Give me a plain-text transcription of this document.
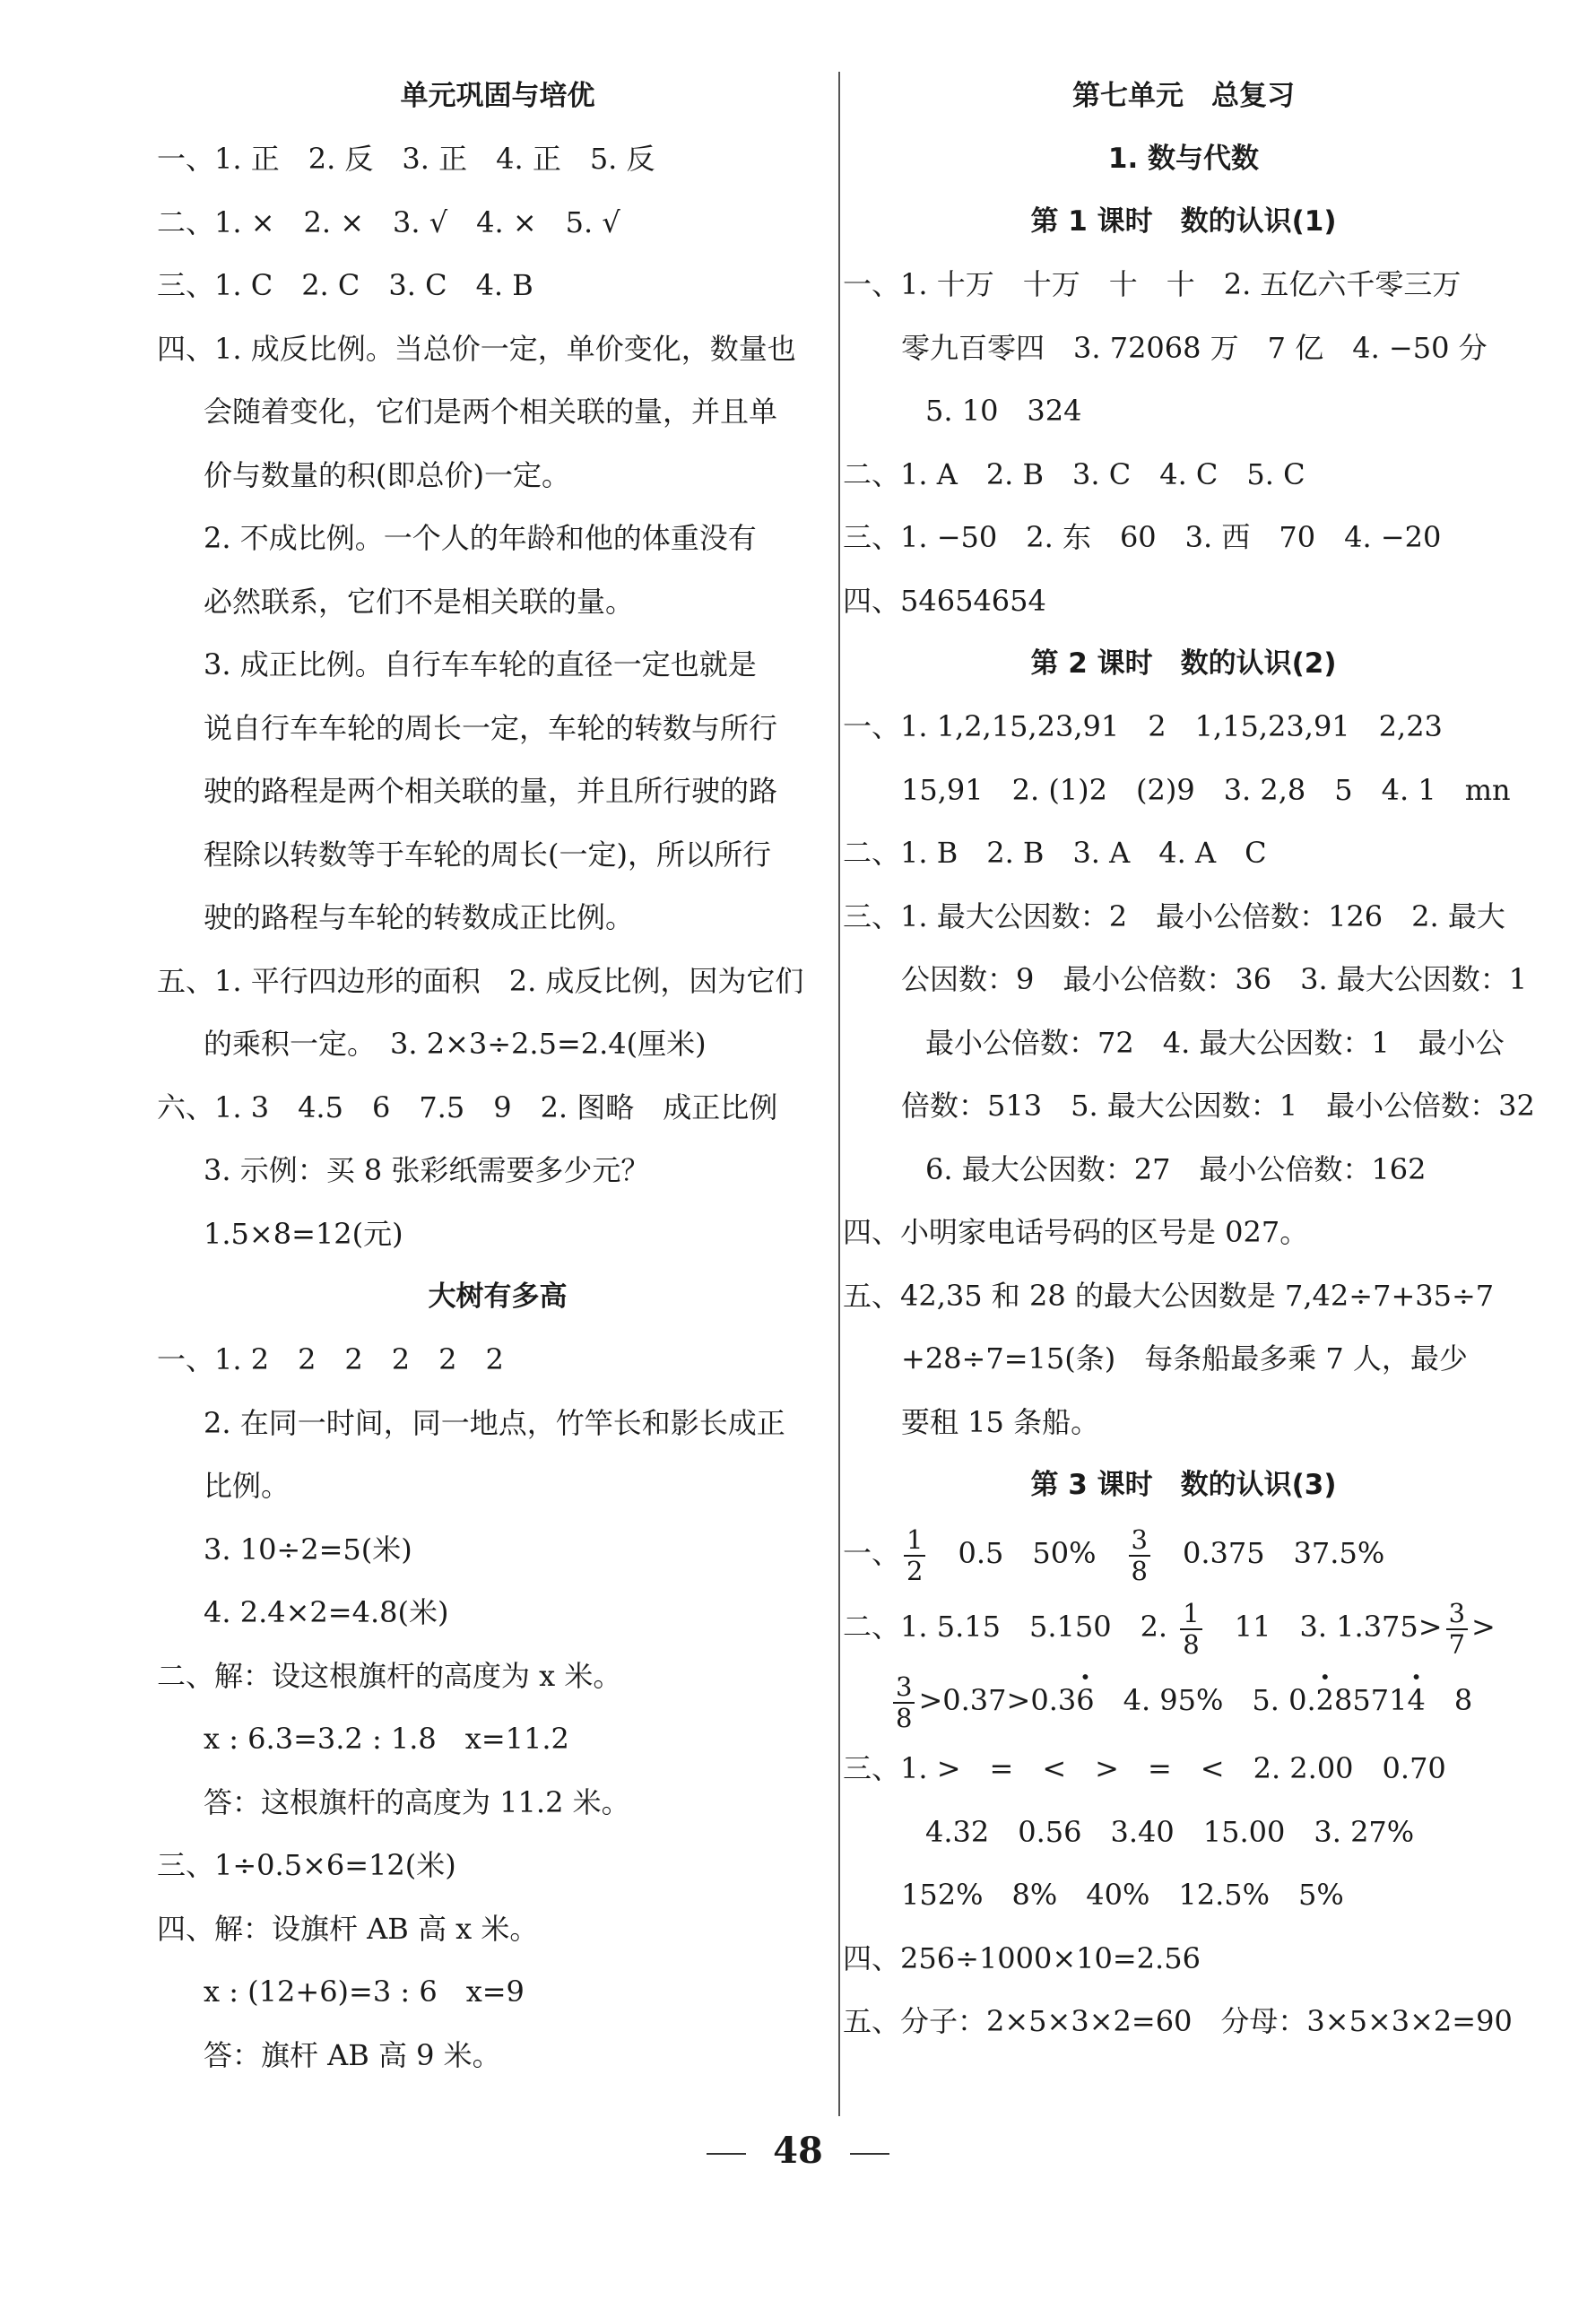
单元巩固与培优
一、1. 正　2. 反　3. 正　4. 正　5. 反
二、1. ×　2. ×　3. √　4. ×　5. √
三、1. C　2. C　3. C　4. B
四、1. 成反比例。当总价一定，单价变化，数量也
会随着变化，它们是两个相关联的量，并且单
价与数量的积(即总价)一定。
2. 不成比例。一个人的年龄和他的体重没有
必然联系，它们不是相关联的量。
3. 成正比例。自行车车轮的直径一定也就是
说自行车车轮的周长一定，车轮的转数与所行
驶的路程是两个相关联的量，并且所行驶的路
程除以转数等于车轮的周长(一定)，所以所行
驶的路程与车轮的转数成正比例。
五、1. 平行四边形的面积　2. 成反比例，因为它们
的乘积一定。　3. 2×3÷2.5=2.4(厘米)
六、1. 3　4.5　6　7.5　9　2. 图略　成正比例
3. 示例：买 8 张彩纸需要多少元？
1.5×8=12(元)
大树有多高
一、1. 2　2　2　2　2　2
2. 在同一时间，同一地点，竹竿长和影长成正
比例。
3. 10÷2=5(米)
4. 2.4×2=4.8(米)
二、解：设这根旗杆的高度为 x 米。
x : 6.3=3.2 : 1.8　x=11.2
答：这根旗杆的高度为 11.2 米。
三、1÷0.5×6=12(米)
四、解：设旗杆 AB 高 x 米。
x : (12+6)=3 : 6　x=9
答：旗杆 AB 高 9 米。
第七单元　总复习
1. 数与代数
第 1 课时　数的认识(1)
一、1. 十万　十万　十　十　2. 五亿六千零三万
零九百零四　3. 72068 万　7 亿　4. −50 分
5. 10　324
二、1. A　2. B　3. C　4. C　5. C
三、1. −50　2. 东　60　3. 西　70　4. −20
四、54654654
第 2 课时　数的认识(2)
一、1. 1,2,15,23,91　2　1,15,23,91　2,23
15,91　2. (1)2　(2)9　3. 2,8　5　4. 1　mn
二、1. B　2. B　3. A　4. A　C
三、1. 最大公因数：2　最小公倍数：126　2. 最大
公因数：9　最小公倍数：36　3. 最大公因数：1
最小公倍数：72　4. 最大公因数：1　最小公
倍数：513　5. 最大公因数：1　最小公倍数：32
6. 最大公因数：27　最小公倍数：162
四、小明家电话号码的区号是 027。
五、42,35 和 28 的最大公因数是 7,42÷7+35÷7
+28÷7=15(条)　每条船最多乘 7 人，最少
要租 15 条船。
第 3 课时　数的认识(3)
一、 $\frac{1}{2}$ 　0.5　50%　 $\frac{3}{8}$ 　0.375　37.5%
二、1. 5.15　5.150　2. $\frac{1}{8}$ 　11　3. $1.375> \frac{3}{7}$ >
$\frac{3}{8} >0.37>0.3\cdot 6$　4. 95%　5. 0.· 28571· 4　8
三、1. >　=　<　>　=　<　2. 2.00　0.70
4.32　0.56　3.40　15.00　3. 27%
152%　8%　40%　12.5%　5%
四、256÷1000×10=2.56
五、分子：2×5×3×2=60　分母：3×5×3×2=90
48
